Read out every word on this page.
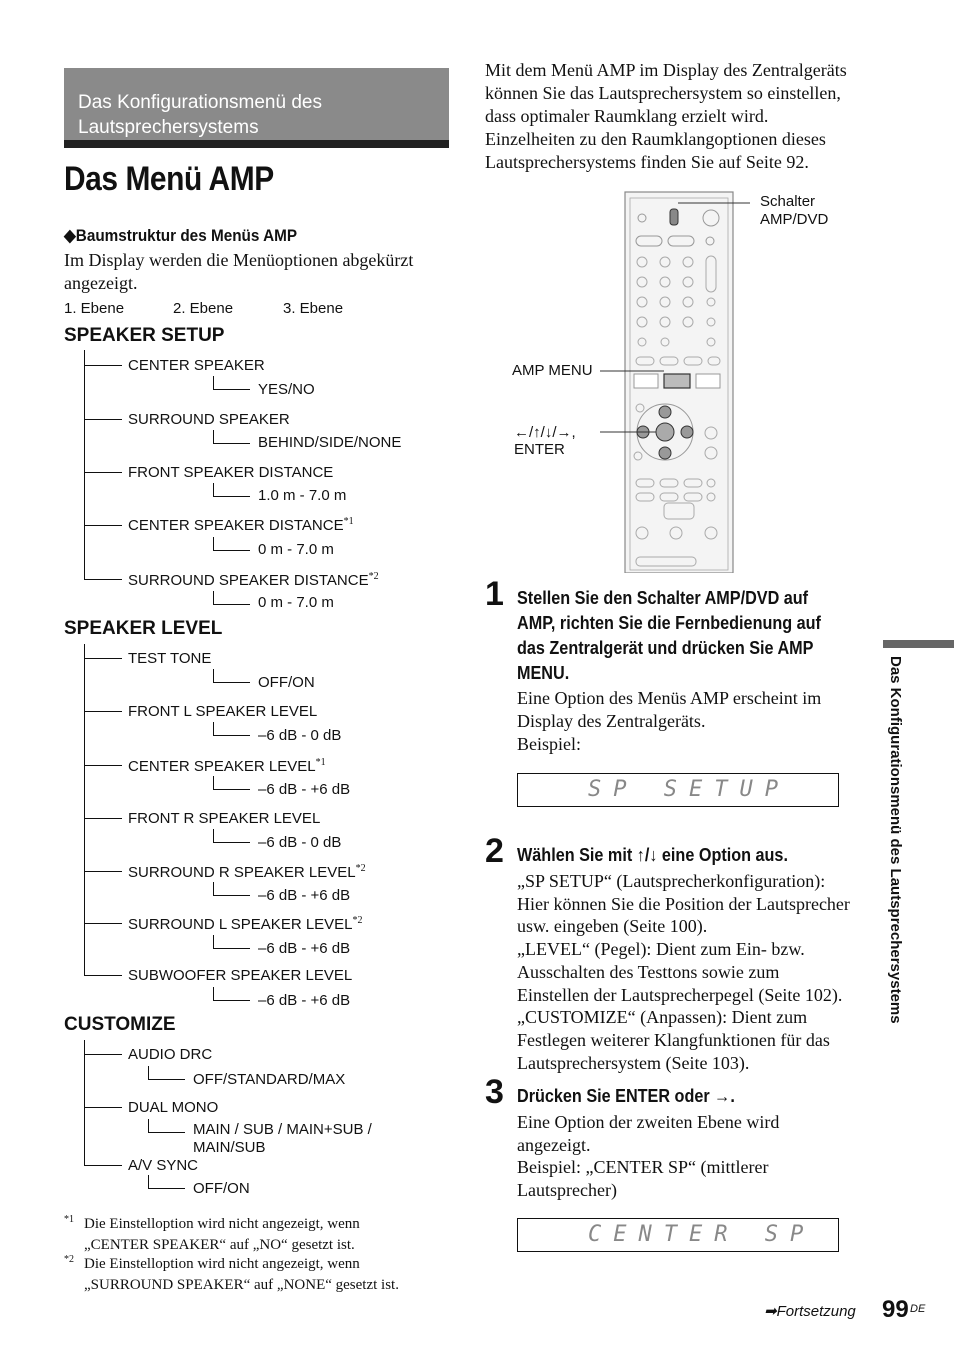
Das Konfigurationsmenü des Lautsprechersystems
Das Menü AMP
◆Baumstruktur des Menüs AMP
Im Display werden die Menüoptionen abgekürzt angezeigt.
1. Ebene	2. Ebene	3. Ebene
SPEAKER SETUP
CENTER SPEAKER
YES/NO
SURROUND SPEAKER
BEHIND/SIDE/NONE
FRONT SPEAKER DISTANCE
1.0 m - 7.0 m
CENTER SPEAKER DISTANCE$^{*1}$
0 m - 7.0 m
SURROUND SPEAKER DISTANCE$^{*2}$
0 m - 7.0 m
SPEAKER LEVEL
TEST TONE
OFF/ON
FRONT L SPEAKER LEVEL
–6 dB - 0 dB
CENTER SPEAKER LEVEL$^{*1}$
–6 dB - +6 dB
FRONT R SPEAKER LEVEL
–6 dB - 0 dB
SURROUND R SPEAKER LEVEL$^{*2}$
–6 dB - +6 dB
SURROUND L SPEAKER LEVEL$^{*2}$
–6 dB - +6 dB
SUBWOOFER SPEAKER LEVEL
–6 dB - +6 dB
CUSTOMIZE
AUDIO DRC
OFF/STANDARD/MAX
DUAL MONO
MAIN / SUB / MAIN+SUB /
MAIN/SUB
A/V SYNC
OFF/ON
$^{*1}$ Die Einstelloption wird nicht angezeigt, wenn
„CENTER SPEAKER“ auf „NO“ gesetzt ist.
$^{*2}$ Die Einstelloption wird nicht angezeigt, wenn
„SURROUND SPEAKER“ auf „NONE“ gesetzt ist.
Mit dem Menü AMP im Display des Zentralgeräts
können Sie das Lautsprechersystem so einstellen,
dass optimaler Raumklang erzielt wird.
Einzelheiten zu den Raumklangoptionen dieses
Lautsprechersystems finden Sie auf Seite 92.
Schalter
AMP/DVD
AMP MENU
←/↑/↓/→,
ENTER
1 Stellen Sie den Schalter AMP/DVD auf
AMP, richten Sie die Fernbedienung auf
das Zentralgerät und drücken Sie AMP
MENU.
Eine Option des Menüs AMP erscheint im
Display des Zentralgeräts.
Beispiel:
SP SETUP
2 Wählen Sie mit ↑/↓ eine Option aus.
„SP SETUP“ (Lautsprecherkonfiguration):
Hier können Sie die Position der Lautsprecher
usw. eingeben (Seite 100).
„LEVEL“ (Pegel): Dient zum Ein- bzw.
Ausschalten des Testtons sowie zum
Einstellen der Lautsprecherpegel (Seite 102).
„CUSTOMIZE“ (Anpassen): Dient zum
Festlegen weiterer Klangfunktionen für das
Lautsprechersystem (Seite 103).
3 Drücken Sie ENTER oder →.
Eine Option der zweiten Ebene wird
angezeigt.
Beispiel: „CENTER SP“ (mittlerer
Lautsprecher)
CENTER SP
Das Konfigurationsmenü des Lautsprechersystems
➡Fortsetzung 99 DE
